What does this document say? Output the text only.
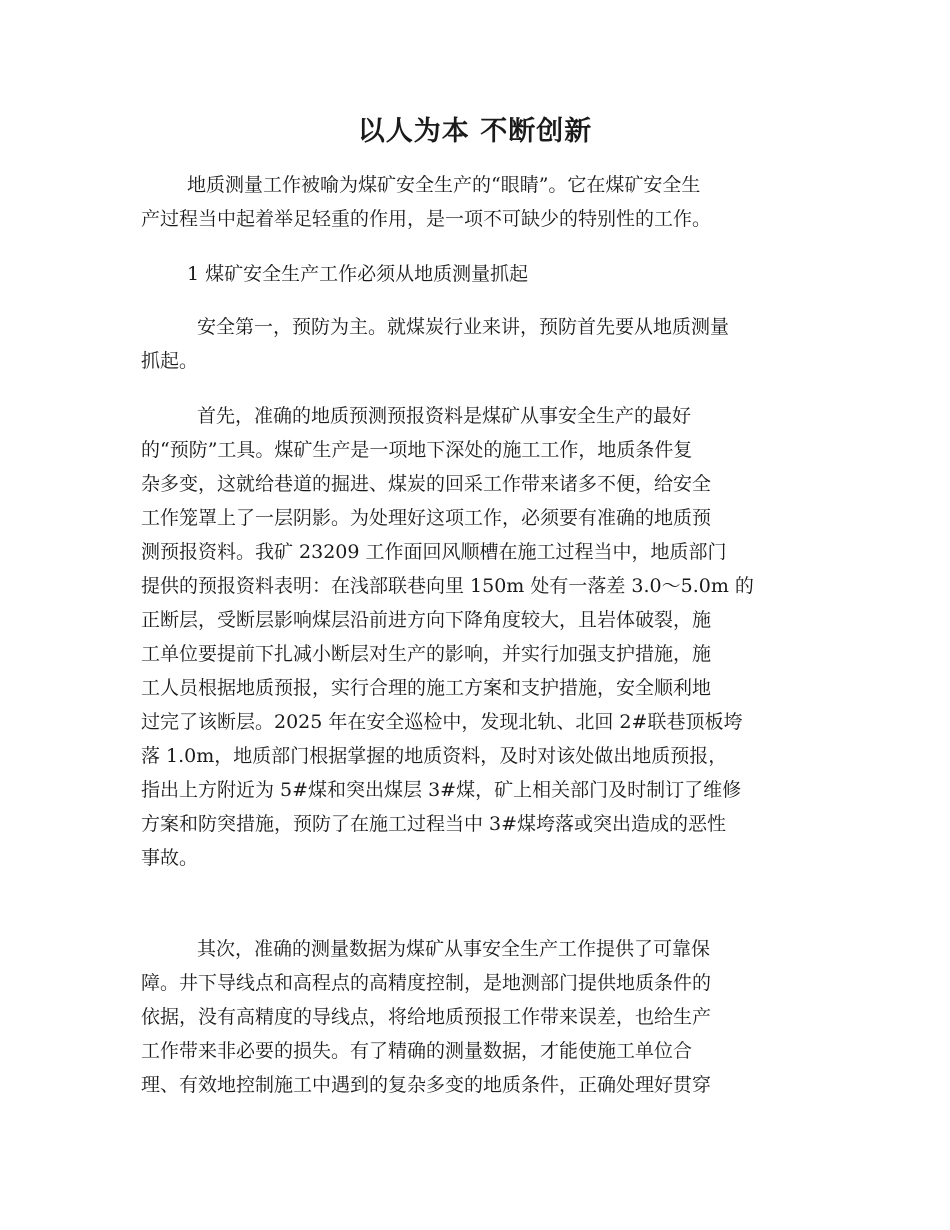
以人为本 不断创新
地质测量工作被喻为煤矿安全生产的“眼睛”。它在煤矿安全生
产过程当中起着举足轻重的作用，是一项不可缺少的特别性的工作。
1 煤矿安全生产工作必须从地质测量抓起
安全第一，预防为主。就煤炭行业来讲，预防首先要从地质测量
抓起。
首先，准确的地质预测预报资料是煤矿从事安全生产的最好
的“预防”工具。煤矿生产是一项地下深处的施工工作，地质条件复
杂多变，这就给巷道的掘进、煤炭的回采工作带来诸多不便，给安全
工作笼罩上了一层阴影。为处理好这项工作，必须要有准确的地质预
测预报资料。我矿 23209 工作面回风顺槽在施工过程当中，地质部门
提供的预报资料表明：在浅部联巷向里 150m 处有一落差 3.0～5.0m 的
正断层，受断层影响煤层沿前进方向下降角度较大，且岩体破裂，施
工单位要提前下扎减小断层对生产的影响，并实行加强支护措施，施
工人员根据地质预报，实行合理的施工方案和支护措施，安全顺利地
过完了该断层。2025 年在安全巡检中，发现北轨、北回 2#联巷顶板垮
落 1.0m，地质部门根据掌握的地质资料，及时对该处做出地质预报，
指出上方附近为 5#煤和突出煤层 3#煤，矿上相关部门及时制订了维修
方案和防突措施，预防了在施工过程当中 3#煤垮落或突出造成的恶性
事故。
其次，准确的测量数据为煤矿从事安全生产工作提供了可靠保
障。井下导线点和高程点的高精度控制，是地测部门提供地质条件的
依据，没有高精度的导线点，将给地质预报工作带来误差，也给生产
工作带来非必要的损失。有了精确的测量数据，才能使施工单位合
理、有效地控制施工中遇到的复杂多变的地质条件，正确处理好贯穿
